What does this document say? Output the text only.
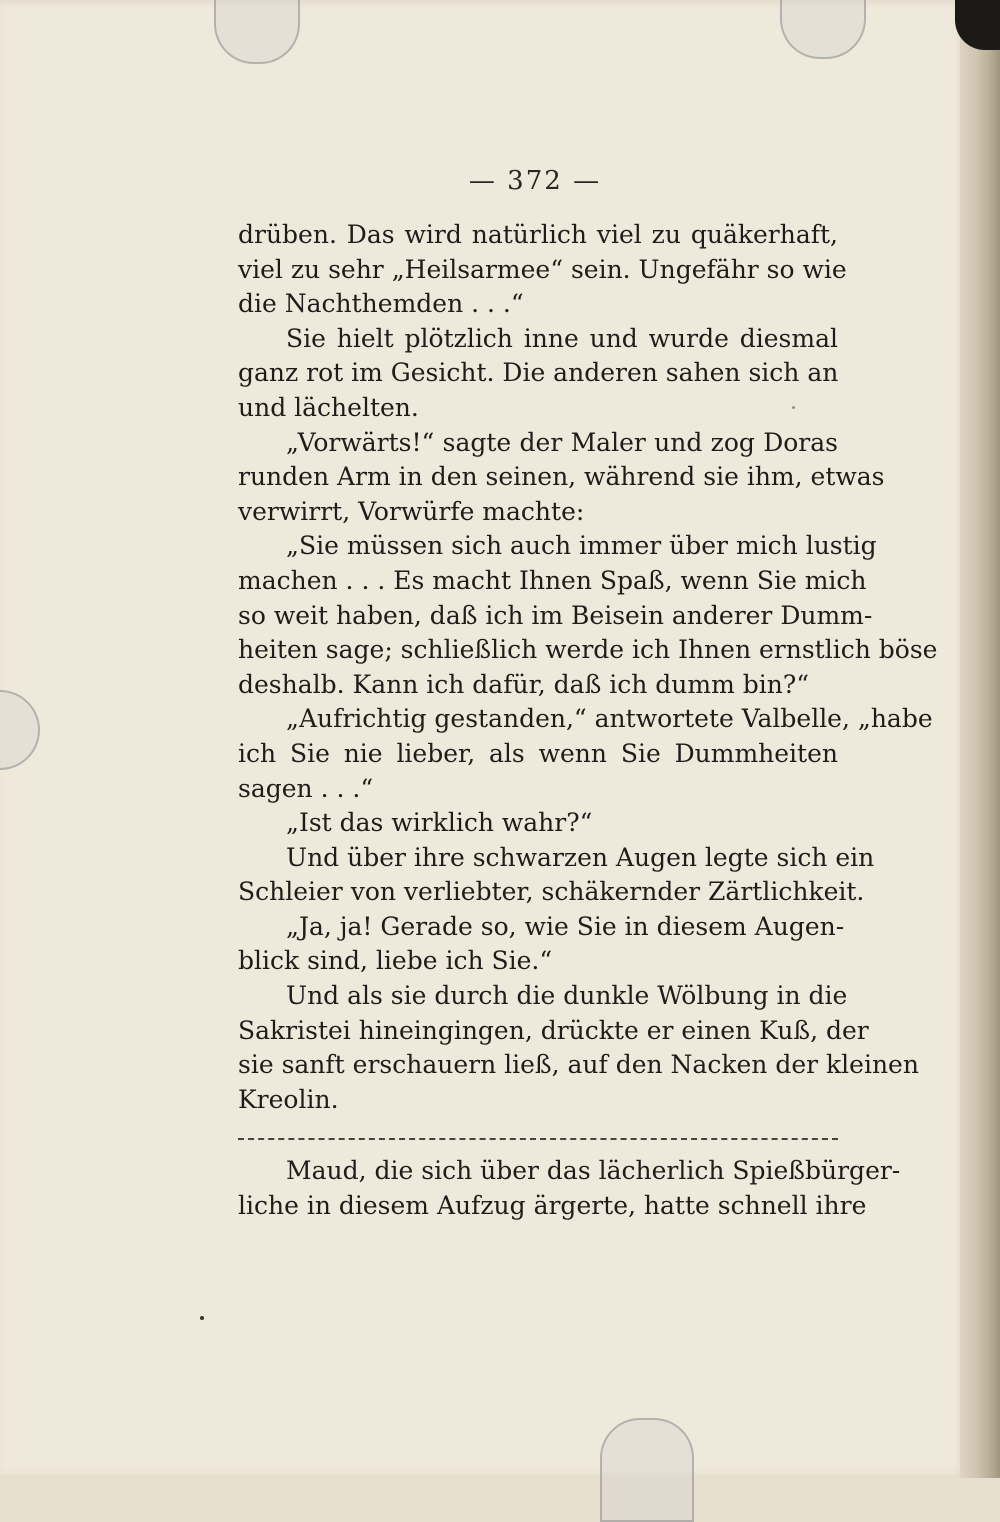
— 372 —
drüben. Das wird natürlich viel zu quäkerhaft,
viel zu sehr „Heilsarmee“ sein. Ungefähr so wie
die Nachthemden . . .“
Sie hielt plötzlich inne und wurde diesmal
ganz rot im Gesicht. Die anderen sahen sich an
und lächelten.
„Vorwärts!“ sagte der Maler und zog Doras
runden Arm in den seinen, während sie ihm, etwas
verwirrt, Vorwürfe machte:
„Sie müssen sich auch immer über mich lustig
machen . . . Es macht Ihnen Spaß, wenn Sie mich
so weit haben, daß ich im Beisein anderer Dumm-
heiten sage; schließlich werde ich Ihnen ernstlich böse
deshalb. Kann ich dafür, daß ich dumm bin?“
„Aufrichtig gestanden,“ antwortete Valbelle, „habe
ich Sie nie lieber, als wenn Sie Dummheiten
sagen . . .“
„Ist das wirklich wahr?“
Und über ihre schwarzen Augen legte sich ein
Schleier von verliebter, schäkernder Zärtlichkeit.
„Ja, ja! Gerade so, wie Sie in diesem Augen-
blick sind, liebe ich Sie.“
Und als sie durch die dunkle Wölbung in die
Sakristei hineingingen, drückte er einen Kuß, der
sie sanft erschauern ließ, auf den Nacken der kleinen
Kreolin.
Maud, die sich über das lächerlich Spießbürger-
liche in diesem Aufzug ärgerte, hatte schnell ihre
